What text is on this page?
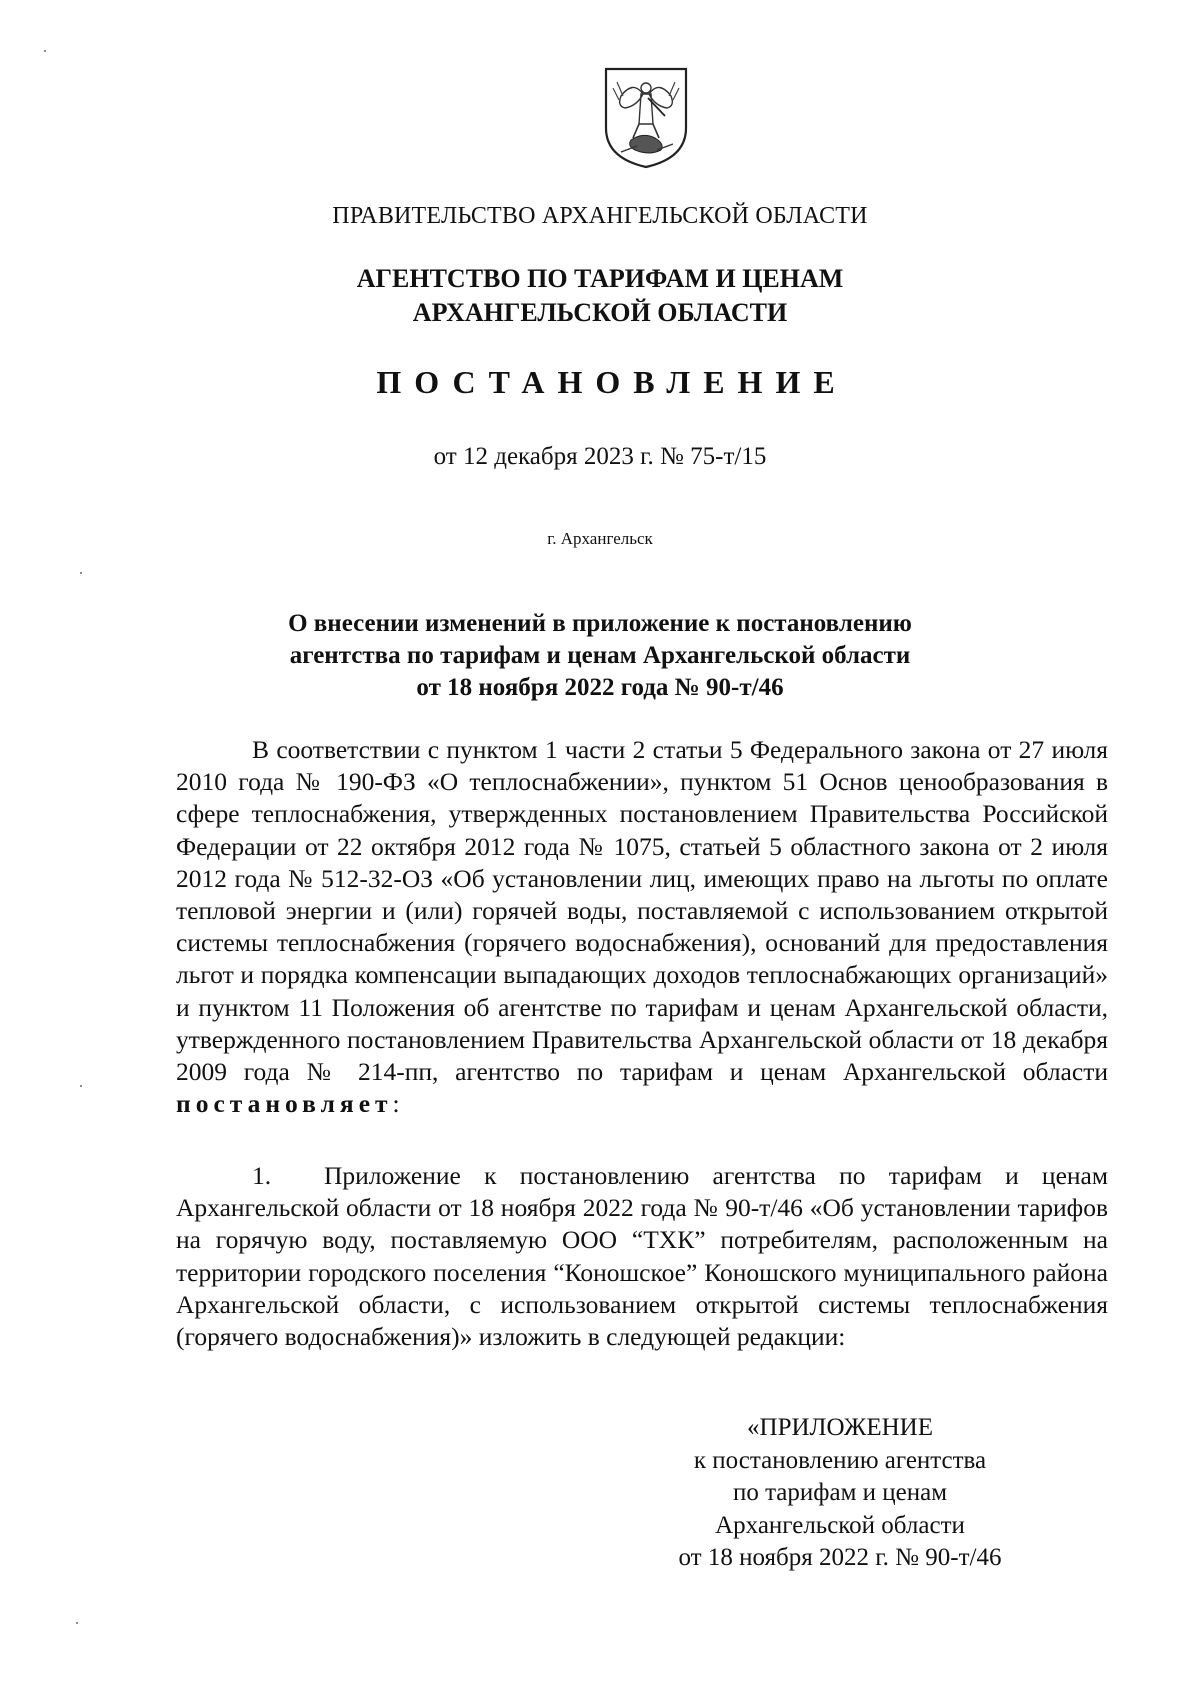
ПРАВИТЕЛЬСТВО АРХАНГЕЛЬСКОЙ ОБЛАСТИ
АГЕНТСТВО ПО ТАРИФАМ И ЦЕНАМ
АРХАНГЕЛЬСКОЙ ОБЛАСТИ
ПОСТАНОВЛЕНИЕ
от 12 декабря 2023 г. № 75-т/15
г. Архангельск
О внесении изменений в приложение к постановлению
агентства по тарифам и ценам Архангельской области
от 18 ноября 2022 года № 90-т/46
В соответствии с пунктом 1 части 2 статьи 5 Федерального закона от 27 июля 2010 года № 190-ФЗ «О теплоснабжении», пунктом 51 Основ ценообразования в сфере теплоснабжения, утвержденных постановлением Правительства Российской Федерации от 22 октября 2012 года № 1075, статьей 5 областного закона от 2 июля 2012 года № 512-32-ОЗ «Об установлении лиц, имеющих право на льготы по оплате тепловой энергии и (или) горячей воды, поставляемой с использованием открытой системы теплоснабжения (горячего водоснабжения), оснований для предоставления льгот и порядка компенсации выпадающих доходов теплоснабжающих организаций» и пунктом 11 Положения об агентстве по тарифам и ценам Архангельской области, утвержденного постановлением Правительства Архангельской области от 18 декабря 2009 года № 214-пп, агентство по тарифам и ценам Архангельской области постановляет:
1. Приложение к постановлению агентства по тарифам и ценам Архангельской области от 18 ноября 2022 года № 90-т/46 «Об установлении тарифов на горячую воду, поставляемую ООО “ТХК” потребителям, расположенным на территории городского поселения “Коношское” Коношского муниципального района Архангельской области, с использованием открытой системы теплоснабжения (горячего водоснабжения)» изложить в следующей редакции:
«ПРИЛОЖЕНИЕ
к постановлению агентства
по тарифам и ценам
Архангельской области
от 18 ноября 2022 г. № 90-т/46
